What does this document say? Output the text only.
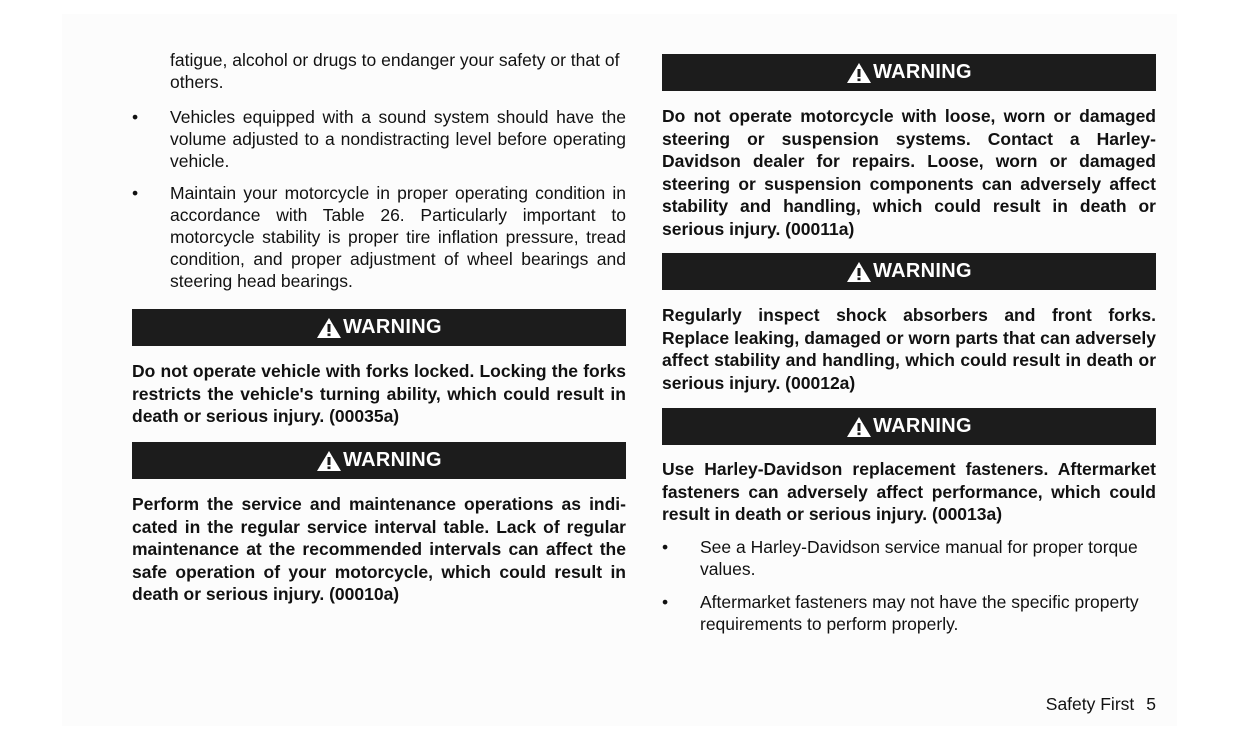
fatigue, alcohol or drugs to endanger your safety or that of others.

• Vehicles equipped with a sound system should have the volume adjusted to a nondistracting level before operating vehicle.
• Maintain your motorcycle in proper operating condition in accordance with Table 26. Particularly important to motorcycle stability is proper tire inflation pressure, tread condition, and proper adjustment of wheel bearings and steering head bearings.
WARNING

Do not operate vehicle with forks locked. Locking the forks restricts the vehicle's turning ability, which could result in death or serious injury. (00035a)

WARNING

Perform the service and maintenance operations as indi-cated in the regular service interval table. Lack of regular maintenance at the recommended intervals can affect the safe operation of your motorcycle, which could result in death or serious injury. (00010a)

WARNING

Do not operate motorcycle with loose, worn or damaged steering or suspension systems. Contact a Harley-Davidson dealer for repairs. Loose, worn or damaged steering or suspension components can adversely affect stability and handling, which could result in death or serious injury. (00011a)

WARNING

Regularly inspect shock absorbers and front forks. Replace leaking, damaged or worn parts that can adversely affect stability and handling, which could result in death or serious injury. (00012a)

WARNING

Use Harley-Davidson replacement fasteners. Aftermarket fasteners can adversely affect performance, which could result in death or serious injury. (00013a)

• See a Harley-Davidson service manual for proper torque values.
• Aftermarket fasteners may not have the specific property requirements to perform properly.
Safety First 5
